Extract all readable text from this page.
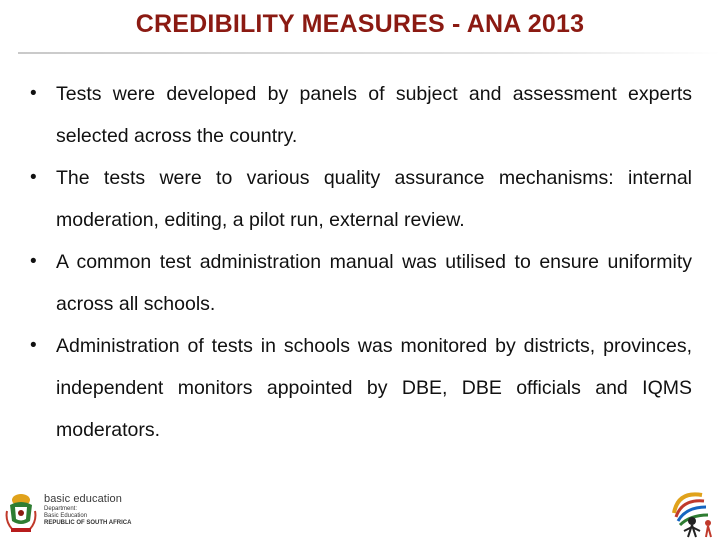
CREDIBILITY MEASURES - ANA 2013
• Tests were developed by panels of subject and assessment experts selected across the country.
• The tests were to various quality assurance mechanisms: internal moderation, editing, a pilot run, external review.
• A common test administration manual was utilised to ensure uniformity across all schools.
• Administration of tests in schools was monitored by districts, provinces, independent monitors appointed by DBE, DBE officials and IQMS moderators.
basic education
Department:
Basic Education
REPUBLIC OF SOUTH AFRICA
